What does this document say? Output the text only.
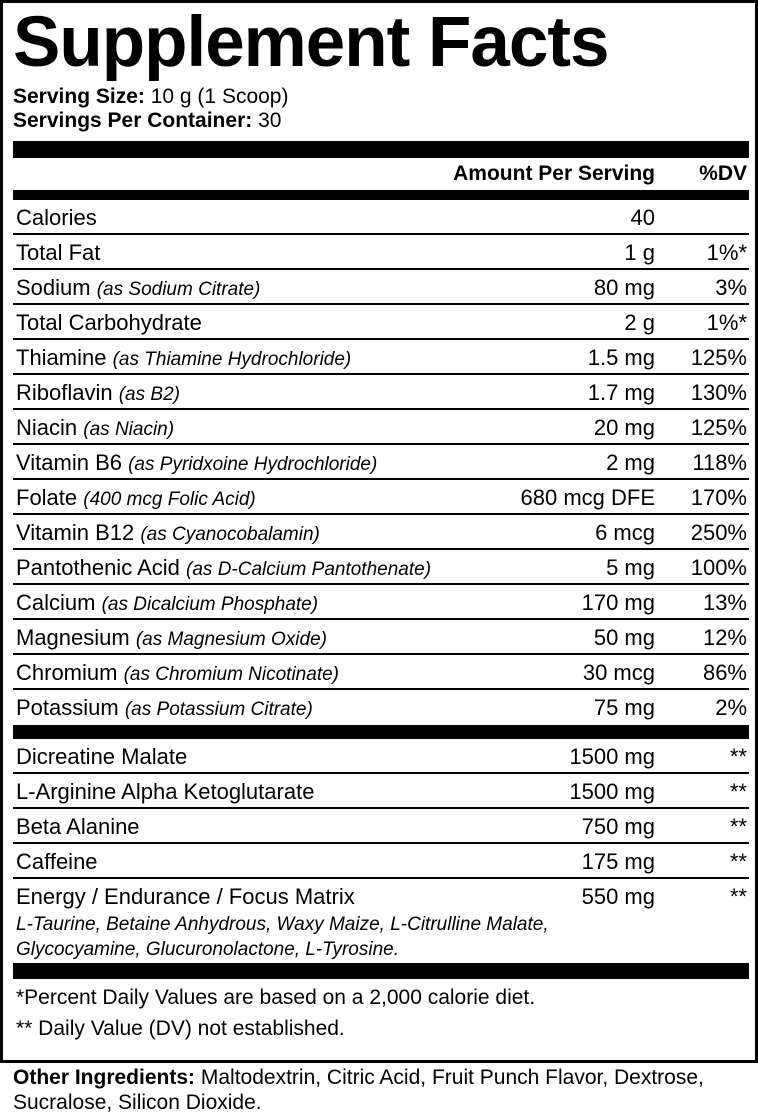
Supplement Facts
Serving Size: 10 g (1 Scoop)
Servings Per Container: 30
Amount Per Serving %DV
Calories	40
Total Fat	1 g 1%*
Sodium (as Sodium Citrate)	80 mg	3%
Total Carbohydrate	2 g 1%*
Thiamine (as Thiamine Hydrochloride)	1.5 mg 125%
Riboflavin (as B2)	1.7 mg 130%
Niacin (as Niacin)	20 mg 125%
Vitamin B6 (as Pyridxoine Hydrochloride)	2 mg 118%
Folate (400 mcg Folic Acid)	680 mcg DFE 170%
Vitamin B12 (as Cyanocobalamin)	6 mcg 250%
Pantothenic Acid (as D-Calcium Pantothenate)	5 mg 100%
Calcium (as Dicalcium Phosphate)	170 mg 13%
Magnesium (as Magnesium Oxide)	50 mg 12%
Chromium (as Chromium Nicotinate)	30 mcg 86%
Potassium (as Potassium Citrate)	75 mg	2%
Dicreatine Malate	1500 mg	**
L-Arginine Alpha Ketoglutarate	1500 mg	**
Beta Alanine	750 mg	**
Caffeine	175 mg	**
Energy / Endurance / Focus Matrix	550 mg	**
L-Taurine, Betaine Anhydrous, Waxy Maize, L-Citrulline Malate, Glycocyamine, Glucuronolactone, L-Tyrosine.
*Percent Daily Values are based on a 2,000 calorie diet.
** Daily Value (DV) not established.
Other Ingredients: Maltodextrin, Citric Acid, Fruit Punch Flavor, Dextrose, Sucralose, Silicon Dioxide.
